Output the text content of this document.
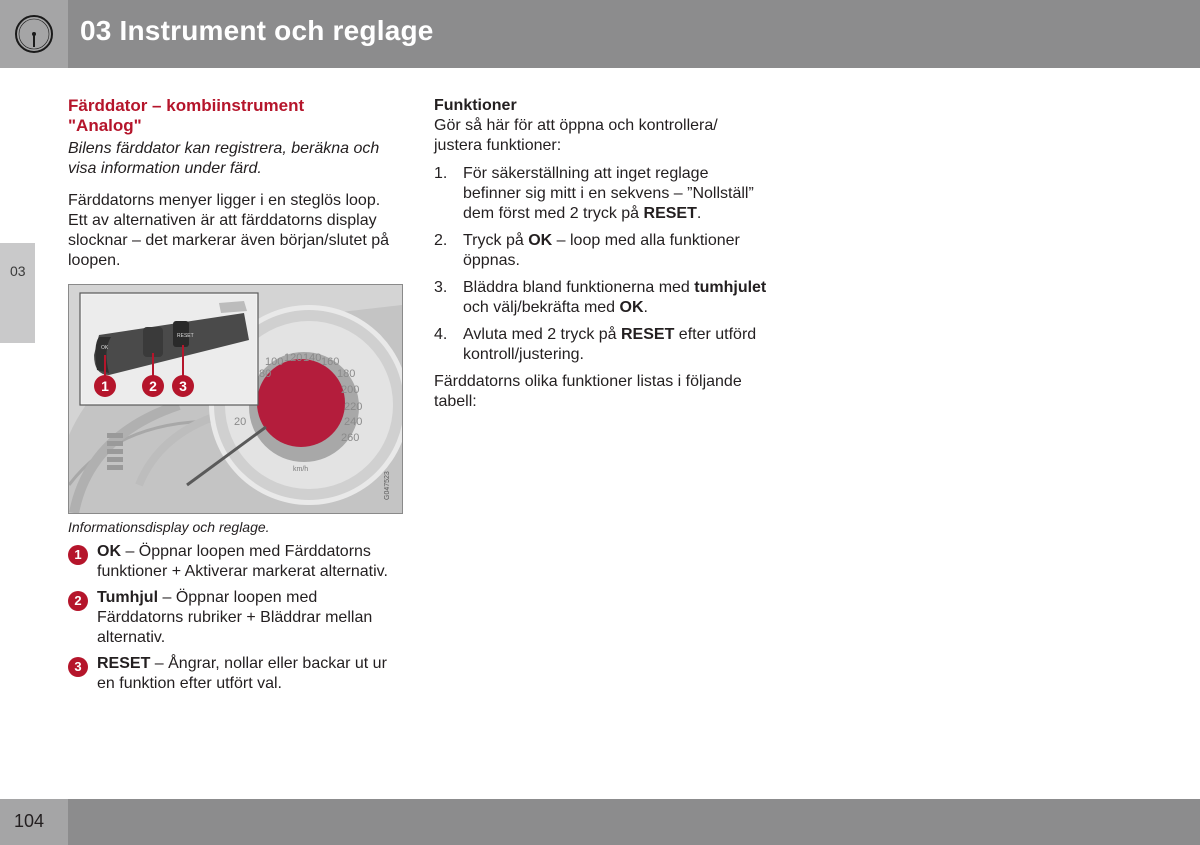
03 Instrument och reglage
03
Färddator – kombiinstrument
"Analog"

Bilens färddator kan registrera, beräkna och visa information under färd.

Färddatorns menyer ligger i en steglös loop. Ett av alternativen är att färddatorns display slocknar – det markerar även början/slutet på loopen.

100 120 140 160
80	180
200
220
240
260
20
km/h
G047523
RESET
OK
1	2 3
Informationsdisplay och reglage.
1 OK – Öppnar loopen med Färddatorns funktioner + Aktiverar markerat alternativ.
2 Tumhjul – Öppnar loopen med Färddatorns rubriker + Bläddrar mellan alternativ.
3 RESET – Ångrar, nollar eller backar ut ur en funktion efter utfört val.
Funktioner
Gör så här för att öppna och kontrollera/ justera funktioner:
1. För säkerställning att inget reglage befinner sig mitt i en sekvens – ”Nollställ” dem först med 2 tryck på RESET.
2. Tryck på OK – loop med alla funktioner öppnas.
3. Bläddra bland funktionerna med tumhjulet och välj/bekräfta med OK.
4. Avluta med 2 tryck på RESET efter utförd kontroll/justering.
Färddatorns olika funktioner listas i följande tabell:
104
